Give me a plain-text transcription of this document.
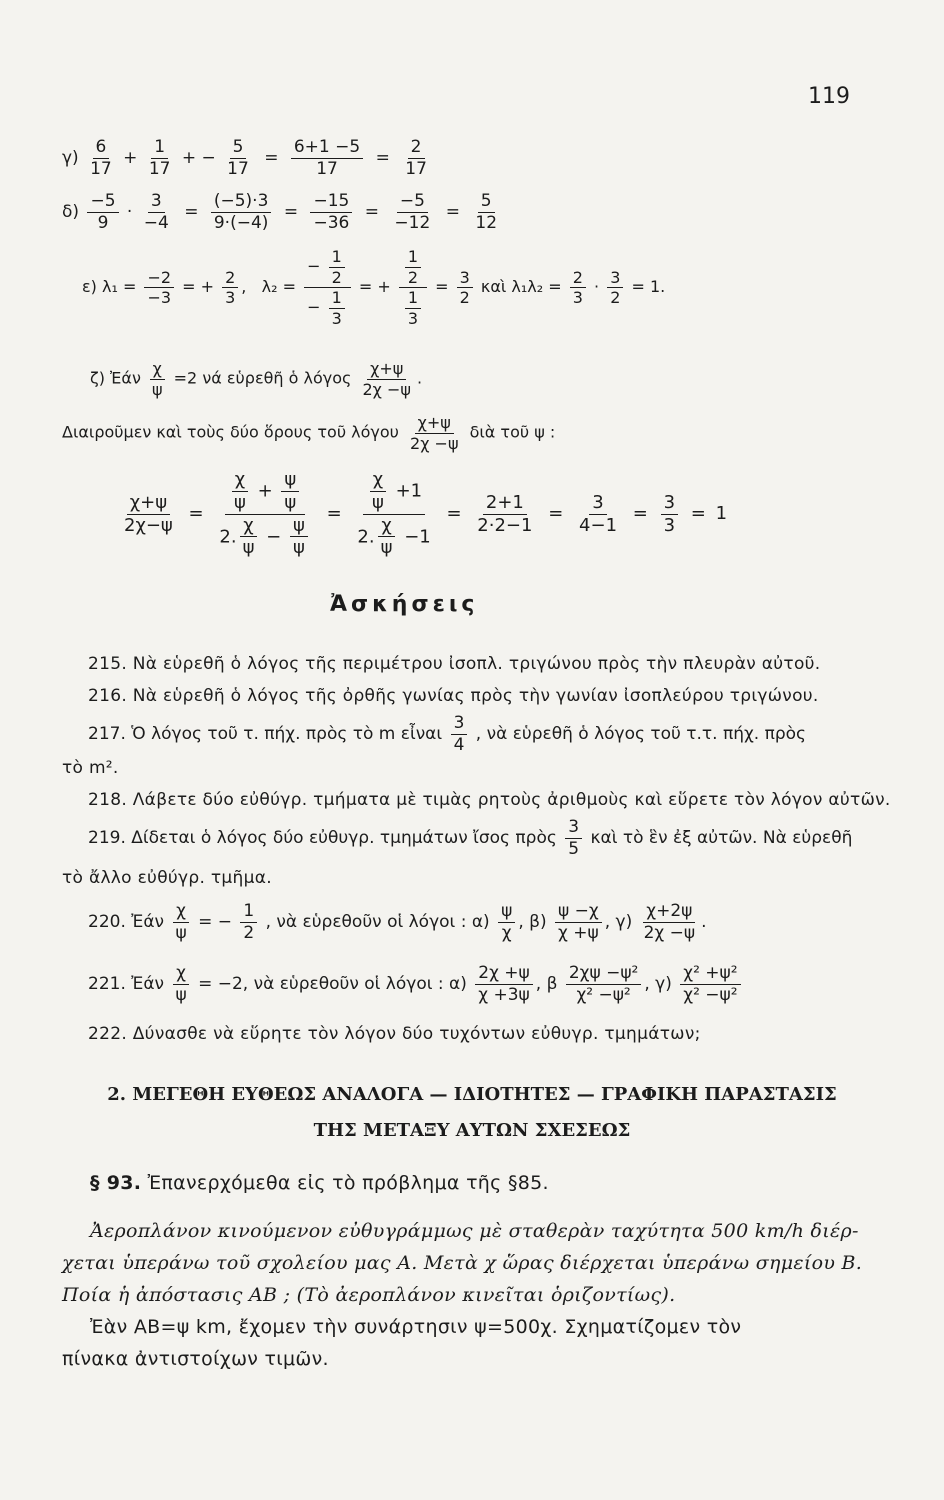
119
$\gamma) \frac{6}{17} + \frac{1}{17}$ + − $\frac{5}{17} = \frac{6+1 -5}{17} = \frac{2}{17}$
$\delta) \frac{-5}{9} \cdot \frac{3}{-4} = \frac{(-5)\cdot 3}{9\cdot(-4)} = \frac{-15}{-36} = \frac{-5}{-12} = \frac{5}{12}$
ε) $\lambda_1 = \frac{-2}{-3}$ = + $\frac{2}{3}$ ,   $\lambda_2 = \frac{- \frac{1}{2}}{- \frac{1}{3}}$ = + $\frac{\frac{1}{2}}{\frac{1}{3}} = \frac{3}{2}$ καὶ $\lambda_1\lambda_2 = \frac{2}{3} \cdot \frac{3}{2} = 1$.
ζ) Ἐάν $\frac{\chi}{\psi} =2$ νά εὑρεθῆ ὁ λόγος $\frac{\chi+\psi}{2\chi -\psi}$ .
Διαιροῦμεν καὶ τοὺς δύο ὅρους τοῦ λόγου $\frac{\chi+\psi}{2\chi -\psi}$ διὰ τοῦ ψ :
$\frac{\chi+\psi}{2\chi-\psi} = \frac{\frac{\chi}{\psi} + \frac{\psi}{\psi}}{2. \frac{\chi}{\psi} - \frac{\psi}{\psi}} = \frac{\frac{\chi}{\psi} +1}{2. \frac{\chi}{\psi} -1} = \frac{2+1}{2\cdot 2-1} = \frac{3}{4-1} = \frac{3}{3} = 1$
Ἀσκήσεις
215. Νὰ εὑρεθῆ ὁ λόγος τῆς περιμέτρου ἰσοπλ. τριγώνου πρὸς τὴν πλευρὰν αὐτοῦ.
216. Νὰ εὑρεθῆ ὁ λόγος τῆς ὀρθῆς γωνίας πρὸς τὴν γωνίαν ἰσοπλεύρου τριγώνου.
217. Ὁ λόγος τοῦ τ. πήχ. πρὸς τὸ m εἶναι $\frac{3}{4}$ , νὰ εὑρεθῆ ὁ λόγος τοῦ τ.τ. πήχ. πρὸς
τὸ m².
218. Λάβετε δύο εὐθύγρ. τμήματα μὲ τιμὰς ρητοὺς ἀριθμοὺς καὶ εὕρετε τὸν λόγον αὐτῶν.
219. Δίδεται ὁ λόγος δύο εὐθυγρ. τμημάτων ἴσος πρὸς $\frac{3}{5}$ καὶ τὸ ἓν ἐξ αὐτῶν. Νὰ εὑρεθῆ
τὸ ἄλλο εὐθύγρ. τμῆμα.
220. Ἐάν $\frac{\chi}{\psi}$ = − $\frac{1}{2}$ , νὰ εὑρεθοῦν οἱ λόγοι : $\alpha) \frac{\psi}{\chi}$ , $\beta) \frac{\psi -\chi}{\chi +\psi}$ , $\gamma) \frac{\chi+2\psi}{2\chi -\psi}$ .
221. Ἐάν $\frac{\chi}{\psi} = -2$, νὰ εὑρεθοῦν οἱ λόγοι : $\alpha) \frac{2\chi +\psi}{\chi +3\psi}$ , β $\frac{\text{2χψ −ψ²}}{\text{χ² −ψ²}}$ , $\gamma) \frac{\text{χ² +ψ²}}{\text{χ² −ψ²}}$
222. Δύνασθε νὰ εὕρητε τὸν λόγον δύο τυχόντων εὐθυγρ. τμημάτων;
2. ΜΕΓΕΘΗ ΕΥΘΕΩΣ ΑΝΑΛΟΓΑ — ΙΔΙΟΤΗΤΕΣ — ΓΡΑΦΙΚΗ ΠΑΡΑΣΤΑΣΙΣ
ΤΗΣ ΜΕΤΑΞΥ ΑΥΤΩΝ ΣΧΕΣΕΩΣ
§ 93. Ἐπανερχόμεθα εἰς τὸ πρόβλημα τῆς §85.
Ἀεροπλάνον κινούμενον εὐθυγράμμως μὲ σταθερὰν ταχύτητα 500 km/h διέρ-
χεται ὑπεράνω τοῦ σχολείου μας Α. Μετὰ χ ὥρας διέρχεται ὑπεράνω σημείου Β.
Ποία ἡ ἀπόστασις ΑΒ ; (Τὸ ἀεροπλάνον κινεῖται ὁριζοντίως).
Ἐὰν ΑΒ=ψ km, ἔχομεν τὴν συνάρτησιν ψ=500χ. Σχηματίζομεν τὸν
πίνακα ἀντιστοίχων τιμῶν.
